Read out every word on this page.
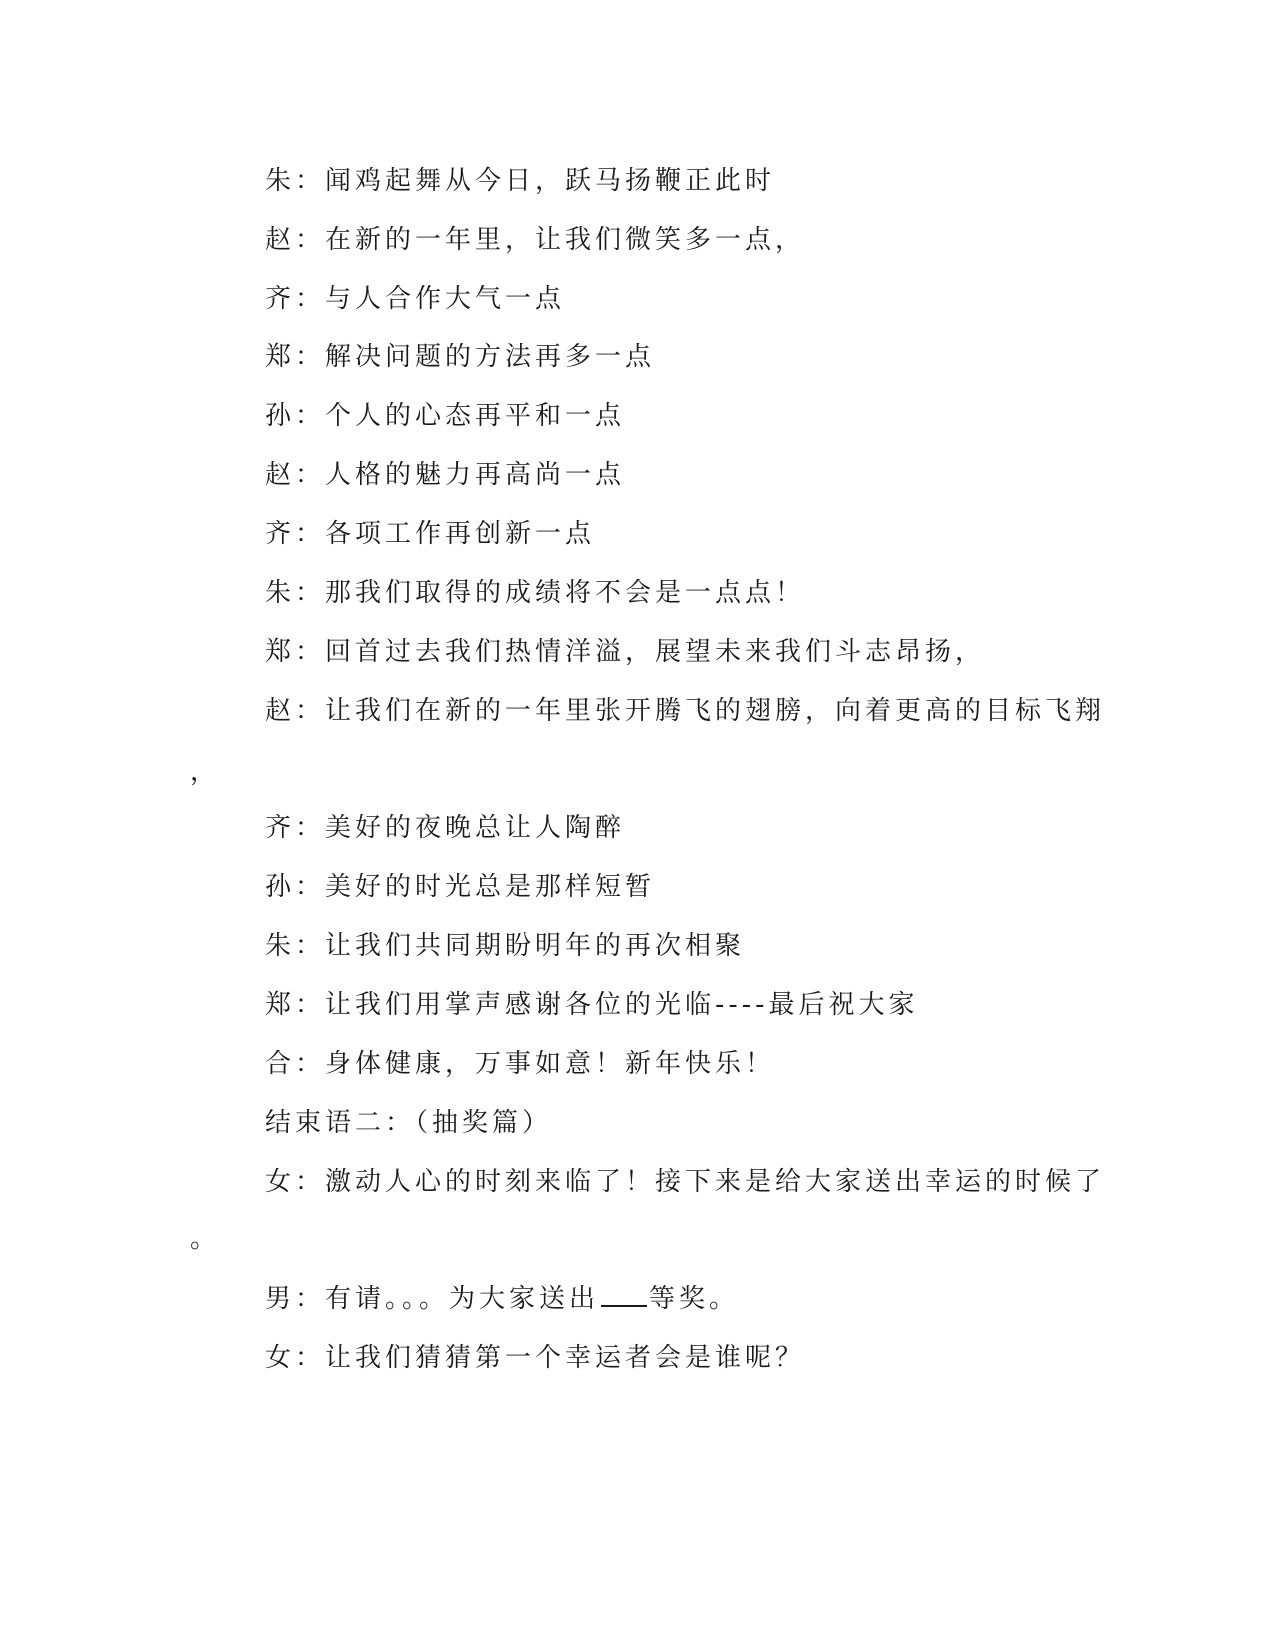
朱：闻鸡起舞从今日，跃马扬鞭正此时
赵：在新的一年里，让我们微笑多一点，
齐：与人合作大气一点
郑：解决问题的方法再多一点
孙：个人的心态再平和一点
赵：人格的魅力再高尚一点
齐：各项工作再创新一点
朱：那我们取得的成绩将不会是一点点！
郑：回首过去我们热情洋溢，展望未来我们斗志昂扬，
赵：让我们在新的一年里张开腾飞的翅膀，向着更高的目标飞翔
，
齐：美好的夜晚总让人陶醉
孙：美好的时光总是那样短暂
朱：让我们共同期盼明年的再次相聚
郑：让我们用掌声感谢各位的光临----最后祝大家
合：身体健康，万事如意！新年快乐！
结束语二：（抽奖篇）
女：激动人心的时刻来临了！接下来是给大家送出幸运的时候了
。
男：有请。。。为大家送出 等奖。
女：让我们猜猜第一个幸运者会是谁呢？
